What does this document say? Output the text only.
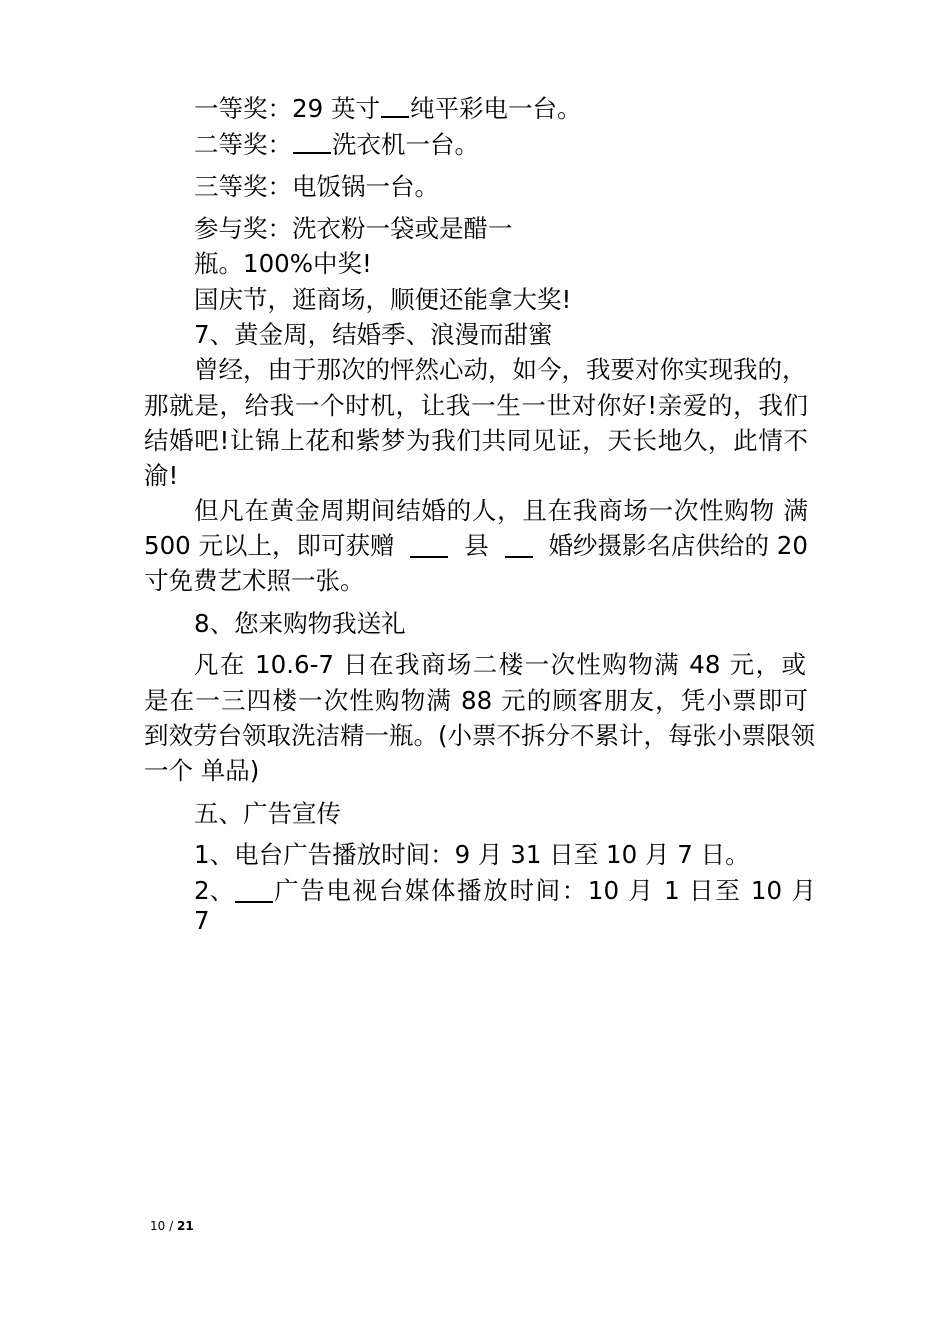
一等奖：29 英寸 纯平彩电一台。
二等奖： 洗衣机一台。
三等奖：电饭锅一台。
参与奖：洗衣粉一袋或是醋一
瓶。100%中奖!
国庆节，逛商场，顺便还能拿大奖!
7、黄金周，结婚季、浪漫而甜蜜
曾经，由于那次的怦然心动，如今，我要对你实现我的，
那就是，给我一个时机，让我一生一世对你好!亲爱的，我们
结婚吧!让锦上花和紫梦为我们共同见证，天长地久，此情不
渝!
但凡在黄金周期间结婚的人，且在我商场一次性购物 满
500 元以上，即可获赠	县 婚纱摄影名店供给的 20
寸免费艺术照一张。
8、您来购物我送礼
凡在 10.6-7 日在我商场二楼一次性购物满 48 元，或
是在一三四楼一次性购物满 88 元的顾客朋友，凭小票即可
到效劳台领取洗洁精一瓶。(小票不拆分不累计，每张小票限领
一个 单品)
五、广告宣传
1、电台广告播放时间：9 月 31 日至 10 月 7 日。
2、 广告电视台媒体播放时间：10 月 1 日至 10 月
7
10 / 21
